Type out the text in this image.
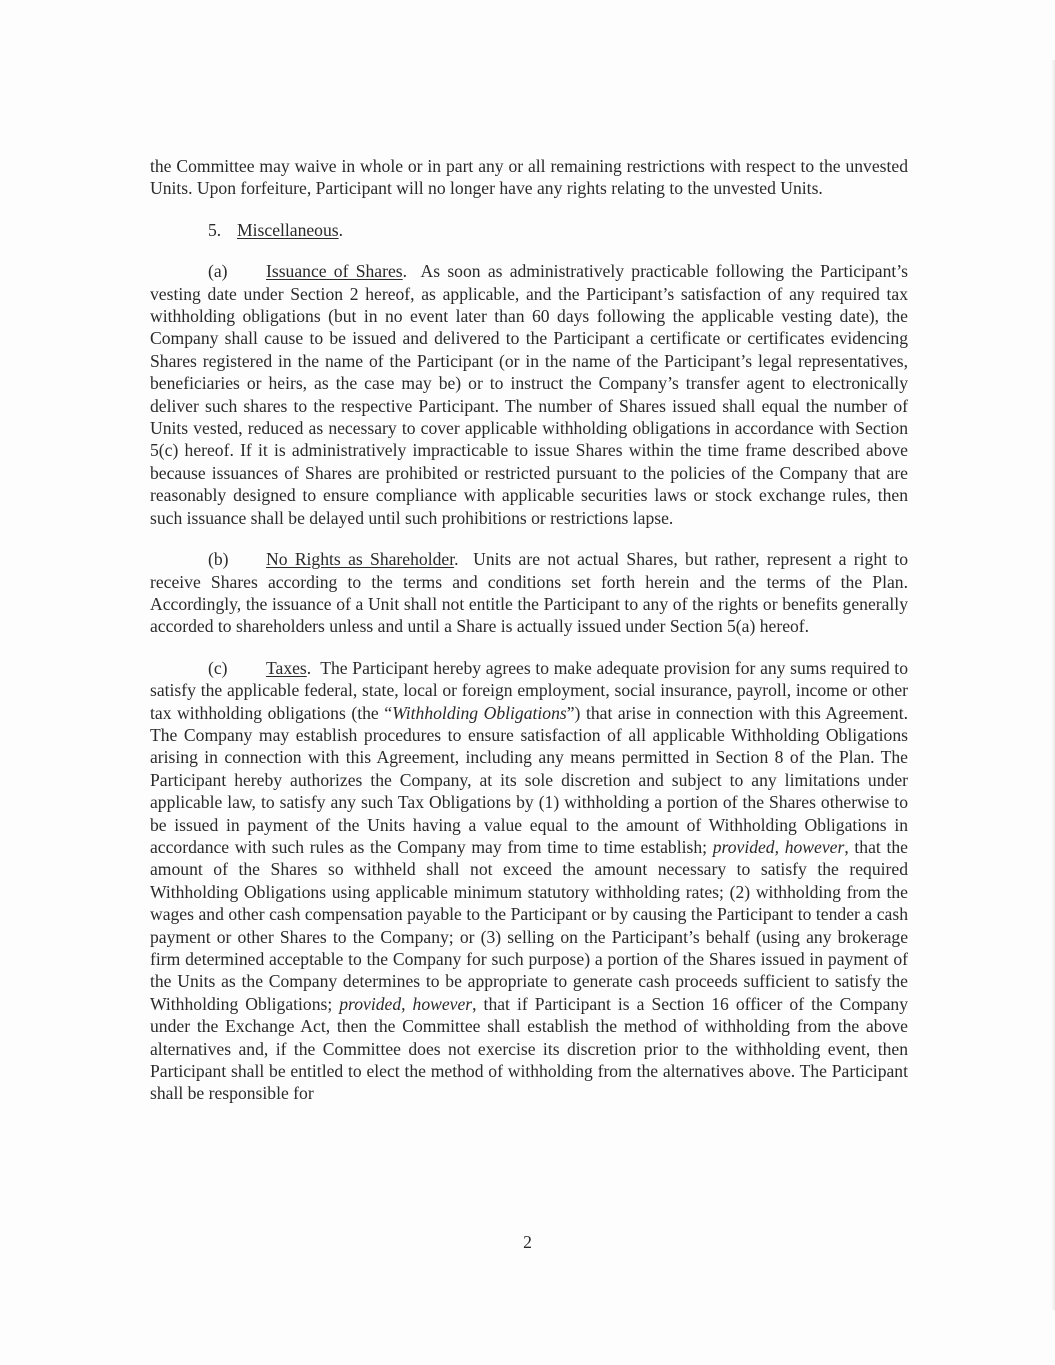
the Committee may waive in whole or in part any or all remaining restrictions with respect to the unvested Units. Upon forfeiture, Participant will no longer have any rights relating to the unvested Units.

5. Miscellaneous.

(a) Issuance of Shares. As soon as administratively practicable following the Participant’s vesting date under Section 2 hereof, as applicable, and the Participant’s satisfaction of any required tax withholding obligations (but in no event later than 60 days following the applicable vesting date), the Company shall cause to be issued and delivered to the Participant a certificate or certificates evidencing Shares registered in the name of the Participant (or in the name of the Participant’s legal representatives, beneficiaries or heirs, as the case may be) or to instruct the Company’s transfer agent to electronically deliver such shares to the respective Participant. The number of Shares issued shall equal the number of Units vested, reduced as necessary to cover applicable withholding obligations in accordance with Section 5(c) hereof. If it is administratively impracticable to issue Shares within the time frame described above because issuances of Shares are prohibited or restricted pursuant to the policies of the Company that are reasonably designed to ensure compliance with applicable securities laws or stock exchange rules, then such issuance shall be delayed until such prohibitions or restrictions lapse.

(b) No Rights as Shareholder. Units are not actual Shares, but rather, represent a right to receive Shares according to the terms and conditions set forth herein and the terms of the Plan. Accordingly, the issuance of a Unit shall not entitle the Participant to any of the rights or benefits generally accorded to shareholders unless and until a Share is actually issued under Section 5(a) hereof.

(c) Taxes. The Participant hereby agrees to make adequate provision for any sums required to satisfy the applicable federal, state, local or foreign employment, social insurance, payroll, income or other tax withholding obligations (the “Withholding Obligations”) that arise in connection with this Agreement. The Company may establish procedures to ensure satisfaction of all applicable Withholding Obligations arising in connection with this Agreement, including any means permitted in Section 8 of the Plan. The Participant hereby authorizes the Company, at its sole discretion and subject to any limitations under applicable law, to satisfy any such Tax Obligations by (1) withholding a portion of the Shares otherwise to be issued in payment of the Units having a value equal to the amount of Withholding Obligations in accordance with such rules as the Company may from time to time establish; provided, however, that the amount of the Shares so withheld shall not exceed the amount necessary to satisfy the required Withholding Obligations using applicable minimum statutory withholding rates; (2) withholding from the wages and other cash compensation payable to the Participant or by causing the Participant to tender a cash payment or other Shares to the Company; or (3) selling on the Participant’s behalf (using any brokerage firm determined acceptable to the Company for such purpose) a portion of the Shares issued in payment of the Units as the Company determines to be appropriate to generate cash proceeds sufficient to satisfy the Withholding Obligations; provided, however, that if Participant is a Section 16 officer of the Company under the Exchange Act, then the Committee shall establish the method of withholding from the above alternatives and, if the Committee does not exercise its discretion prior to the withholding event, then Participant shall be entitled to elect the method of withholding from the alternatives above. The Participant shall be responsible for

2
